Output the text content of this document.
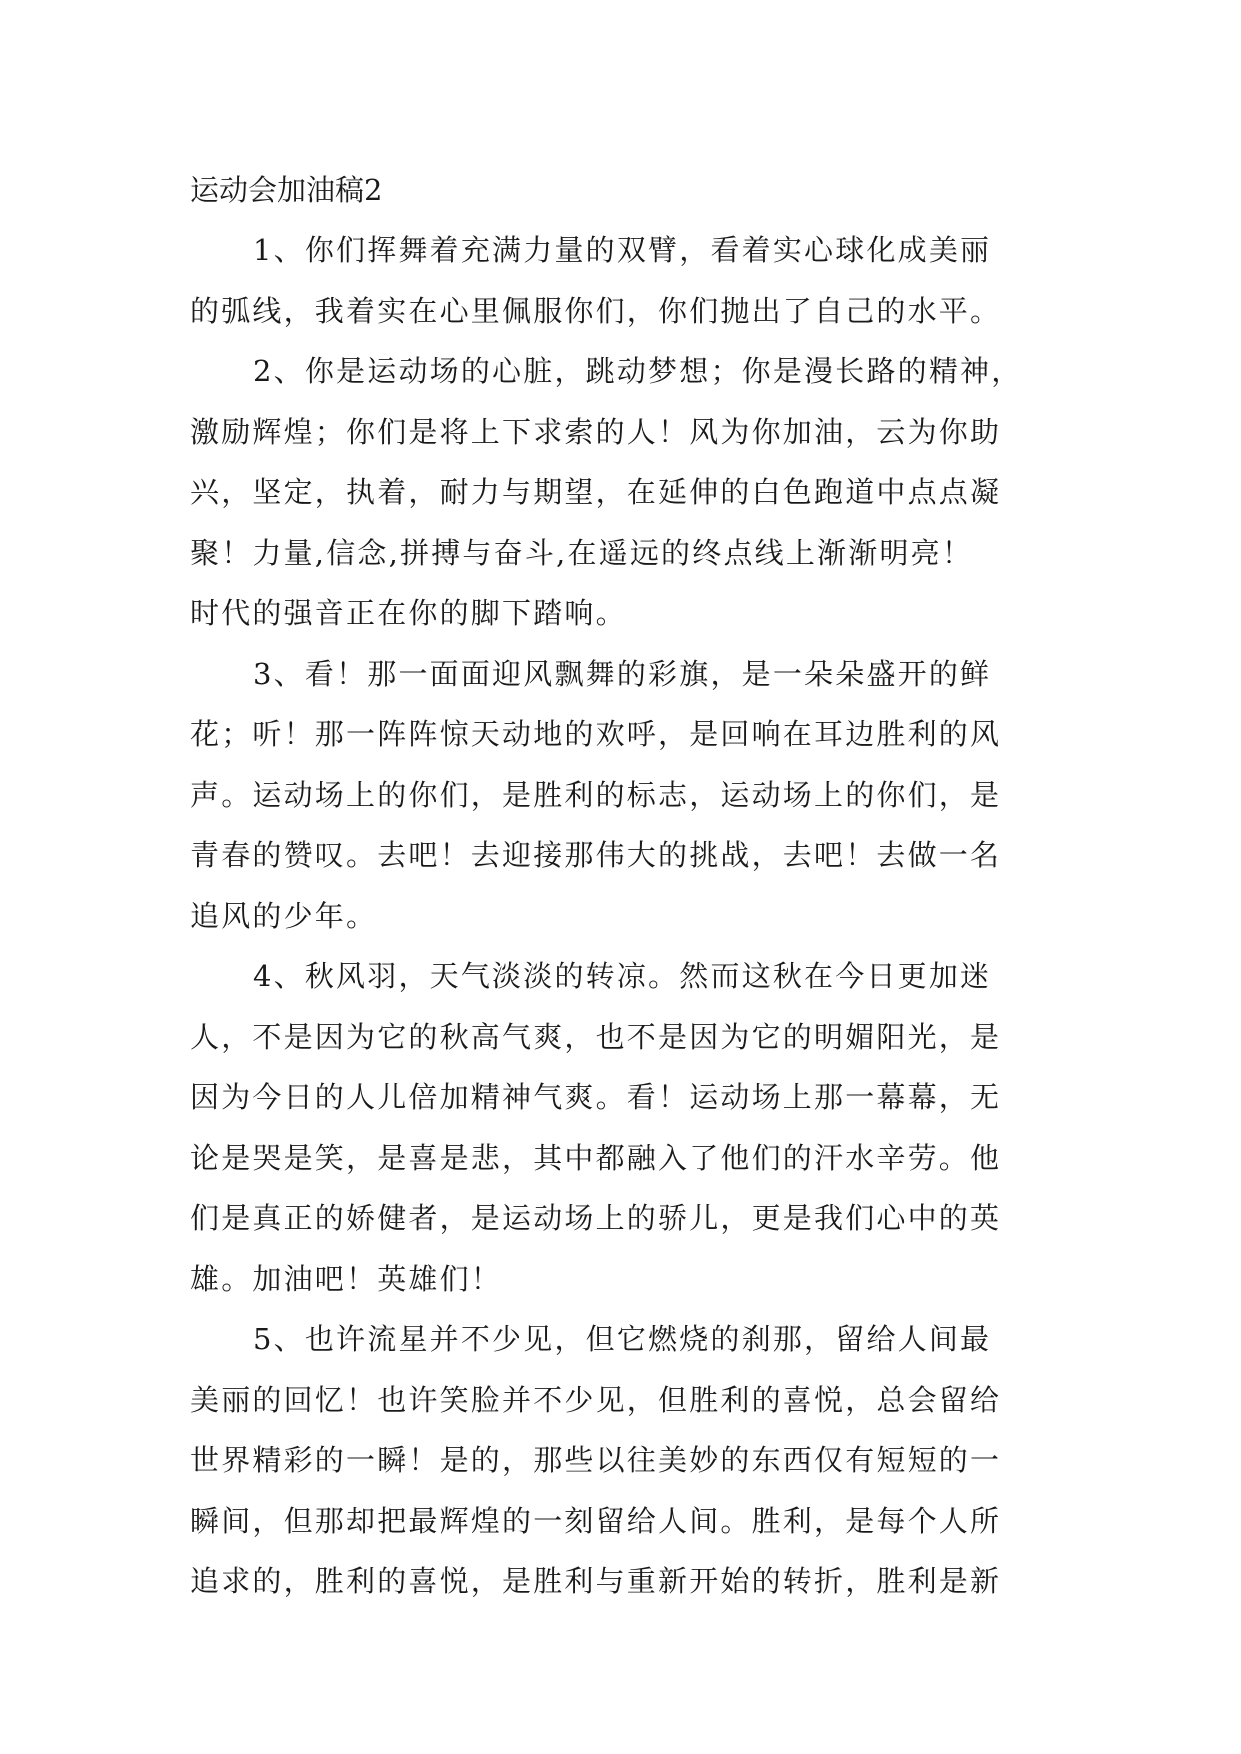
运动会加油稿2

1、你们挥舞着充满力量的双臂，看着实心球化成美丽
的弧线，我着实在心里佩服你们，你们抛出了自己的水平。

2、你是运动场的心脏，跳动梦想；你是漫长路的精神，
激励辉煌；你们是将上下求索的人！风为你加油，云为你助
兴，坚定，执着，耐力与期望，在延伸的白色跑道中点点凝
聚！力量,信念,拼搏与奋斗,在遥远的终点线上渐渐明亮！
时代的强音正在你的脚下踏响。

3、看！那一面面迎风飘舞的彩旗，是一朵朵盛开的鲜
花；听！那一阵阵惊天动地的欢呼，是回响在耳边胜利的风
声。运动场上的你们，是胜利的标志，运动场上的你们，是
青春的赞叹。去吧！去迎接那伟大的挑战，去吧！去做一名
追风的少年。

4、秋风羽，天气淡淡的转凉。然而这秋在今日更加迷
人，不是因为它的秋高气爽，也不是因为它的明媚阳光，是
因为今日的人儿倍加精神气爽。看！运动场上那一幕幕，无
论是哭是笑，是喜是悲，其中都融入了他们的汗水辛劳。他
们是真正的娇健者，是运动场上的骄儿，更是我们心中的英
雄。加油吧！英雄们！

5、也许流星并不少见，但它燃烧的刹那，留给人间最
美丽的回忆！也许笑脸并不少见，但胜利的喜悦，总会留给
世界精彩的一瞬！是的，那些以往美妙的东西仅有短短的一
瞬间，但那却把最辉煌的一刻留给人间。胜利，是每个人所
追求的，胜利的喜悦，是胜利与重新开始的转折，胜利是新
